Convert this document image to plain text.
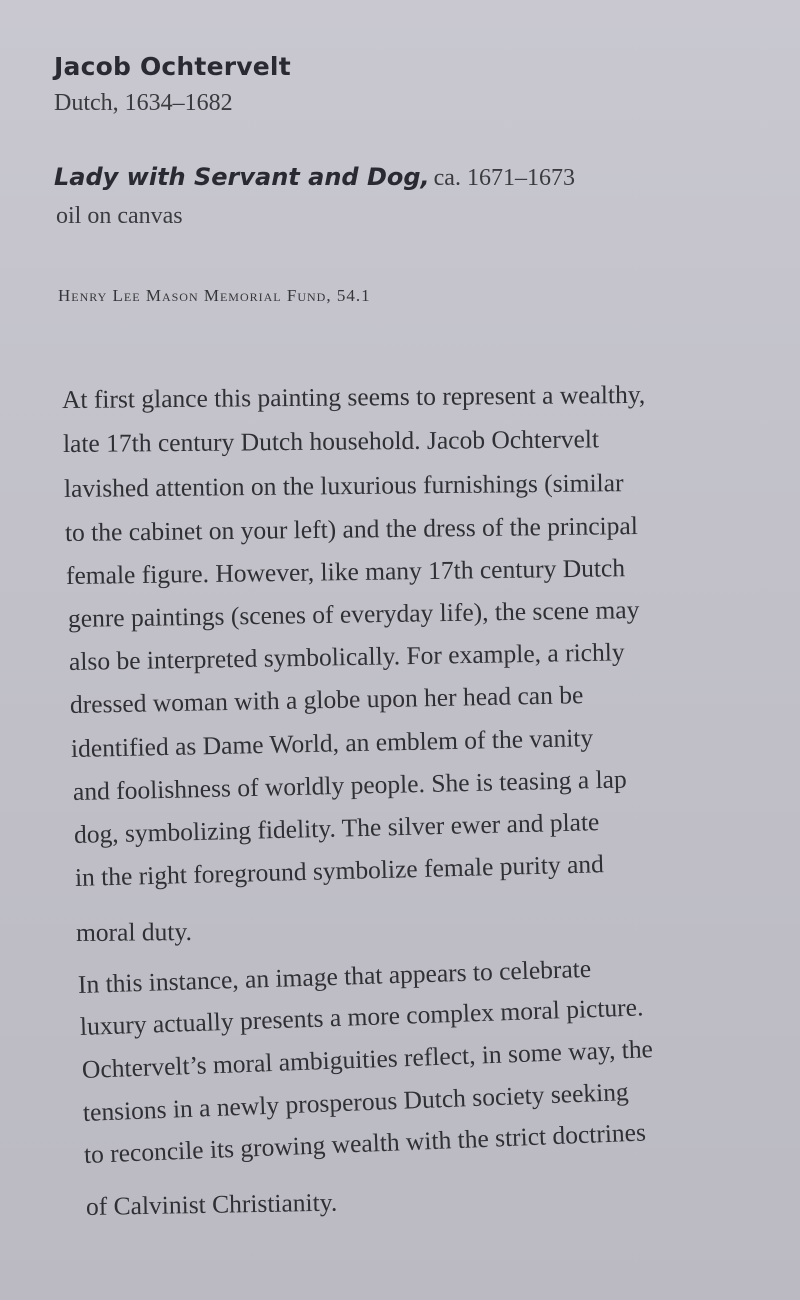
Jacob Ochtervelt
Dutch, 1634–1682
Lady with Servant and Dog, ca. 1671–1673
oil on canvas
Henry Lee Mason Memorial Fund, 54.1
At first glance this painting seems to represent a wealthy,
late 17th century Dutch household. Jacob Ochtervelt
lavished attention on the luxurious furnishings (similar
to the cabinet on your left) and the dress of the principal
female figure. However, like many 17th century Dutch
genre paintings (scenes of everyday life), the scene may
also be interpreted symbolically. For example, a richly
dressed woman with a globe upon her head can be
identified as Dame World, an emblem of the vanity
and foolishness of worldly people. She is teasing a lap
dog, symbolizing fidelity. The silver ewer and plate
in the right foreground symbolize female purity and
moral duty.
In this instance, an image that appears to celebrate
luxury actually presents a more complex moral picture.
Ochtervelt’s moral ambiguities reflect, in some way, the
tensions in a newly prosperous Dutch society seeking
to reconcile its growing wealth with the strict doctrines
of Calvinist Christianity.
